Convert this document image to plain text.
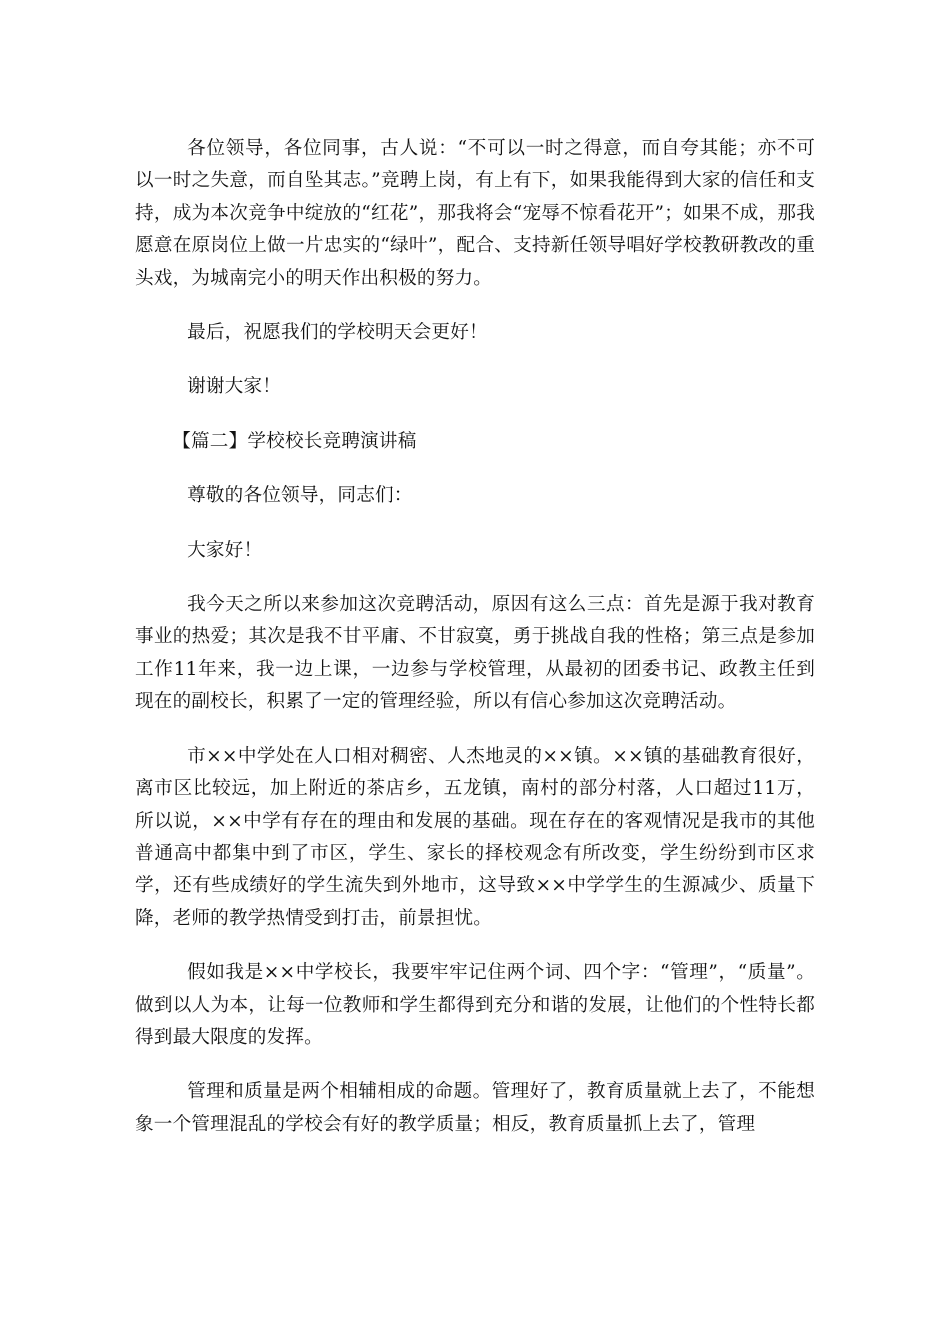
各位领导，各位同事，古人说：“不可以一时之得意，而自夸其能；亦不可以一时之失意，而自坠其志。”竞聘上岗，有上有下，如果我能得到大家的信任和支持，成为本次竞争中绽放的“红花”，那我将会“宠辱不惊看花开”；如果不成，那我愿意在原岗位上做一片忠实的“绿叶”，配合、支持新任领导唱好学校教研教改的重头戏，为城南完小的明天作出积极的努力。

最后，祝愿我们的学校明天会更好！

谢谢大家！

【篇二】学校校长竞聘演讲稿

尊敬的各位领导，同志们：

大家好！

我今天之所以来参加这次竞聘活动，原因有这么三点：首先是源于我对教育事业的热爱；其次是我不甘平庸、不甘寂寞，勇于挑战自我的性格；第三点是参加工作11年来，我一边上课，一边参与学校管理，从最初的团委书记、政教主任到现在的副校长，积累了一定的管理经验，所以有信心参加这次竞聘活动。

市××中学处在人口相对稠密、人杰地灵的××镇。××镇的基础教育很好，离市区比较远，加上附近的茶店乡，五龙镇，南村的部分村落，人口超过11万，所以说，××中学有存在的理由和发展的基础。现在存在的客观情况是我市的其他普通高中都集中到了市区，学生、家长的择校观念有所改变，学生纷纷到市区求学，还有些成绩好的学生流失到外地市，这导致××中学学生的生源减少、质量下降，老师的教学热情受到打击，前景担忧。

假如我是××中学校长，我要牢牢记住两个词、四个字：“管理”，“质量”。做到以人为本，让每一位教师和学生都得到充分和谐的发展，让他们的个性特长都得到最大限度的发挥。

管理和质量是两个相辅相成的命题。管理好了，教育质量就上去了，不能想象一个管理混乱的学校会有好的教学质量；相反，教育质量抓上去了，管理
